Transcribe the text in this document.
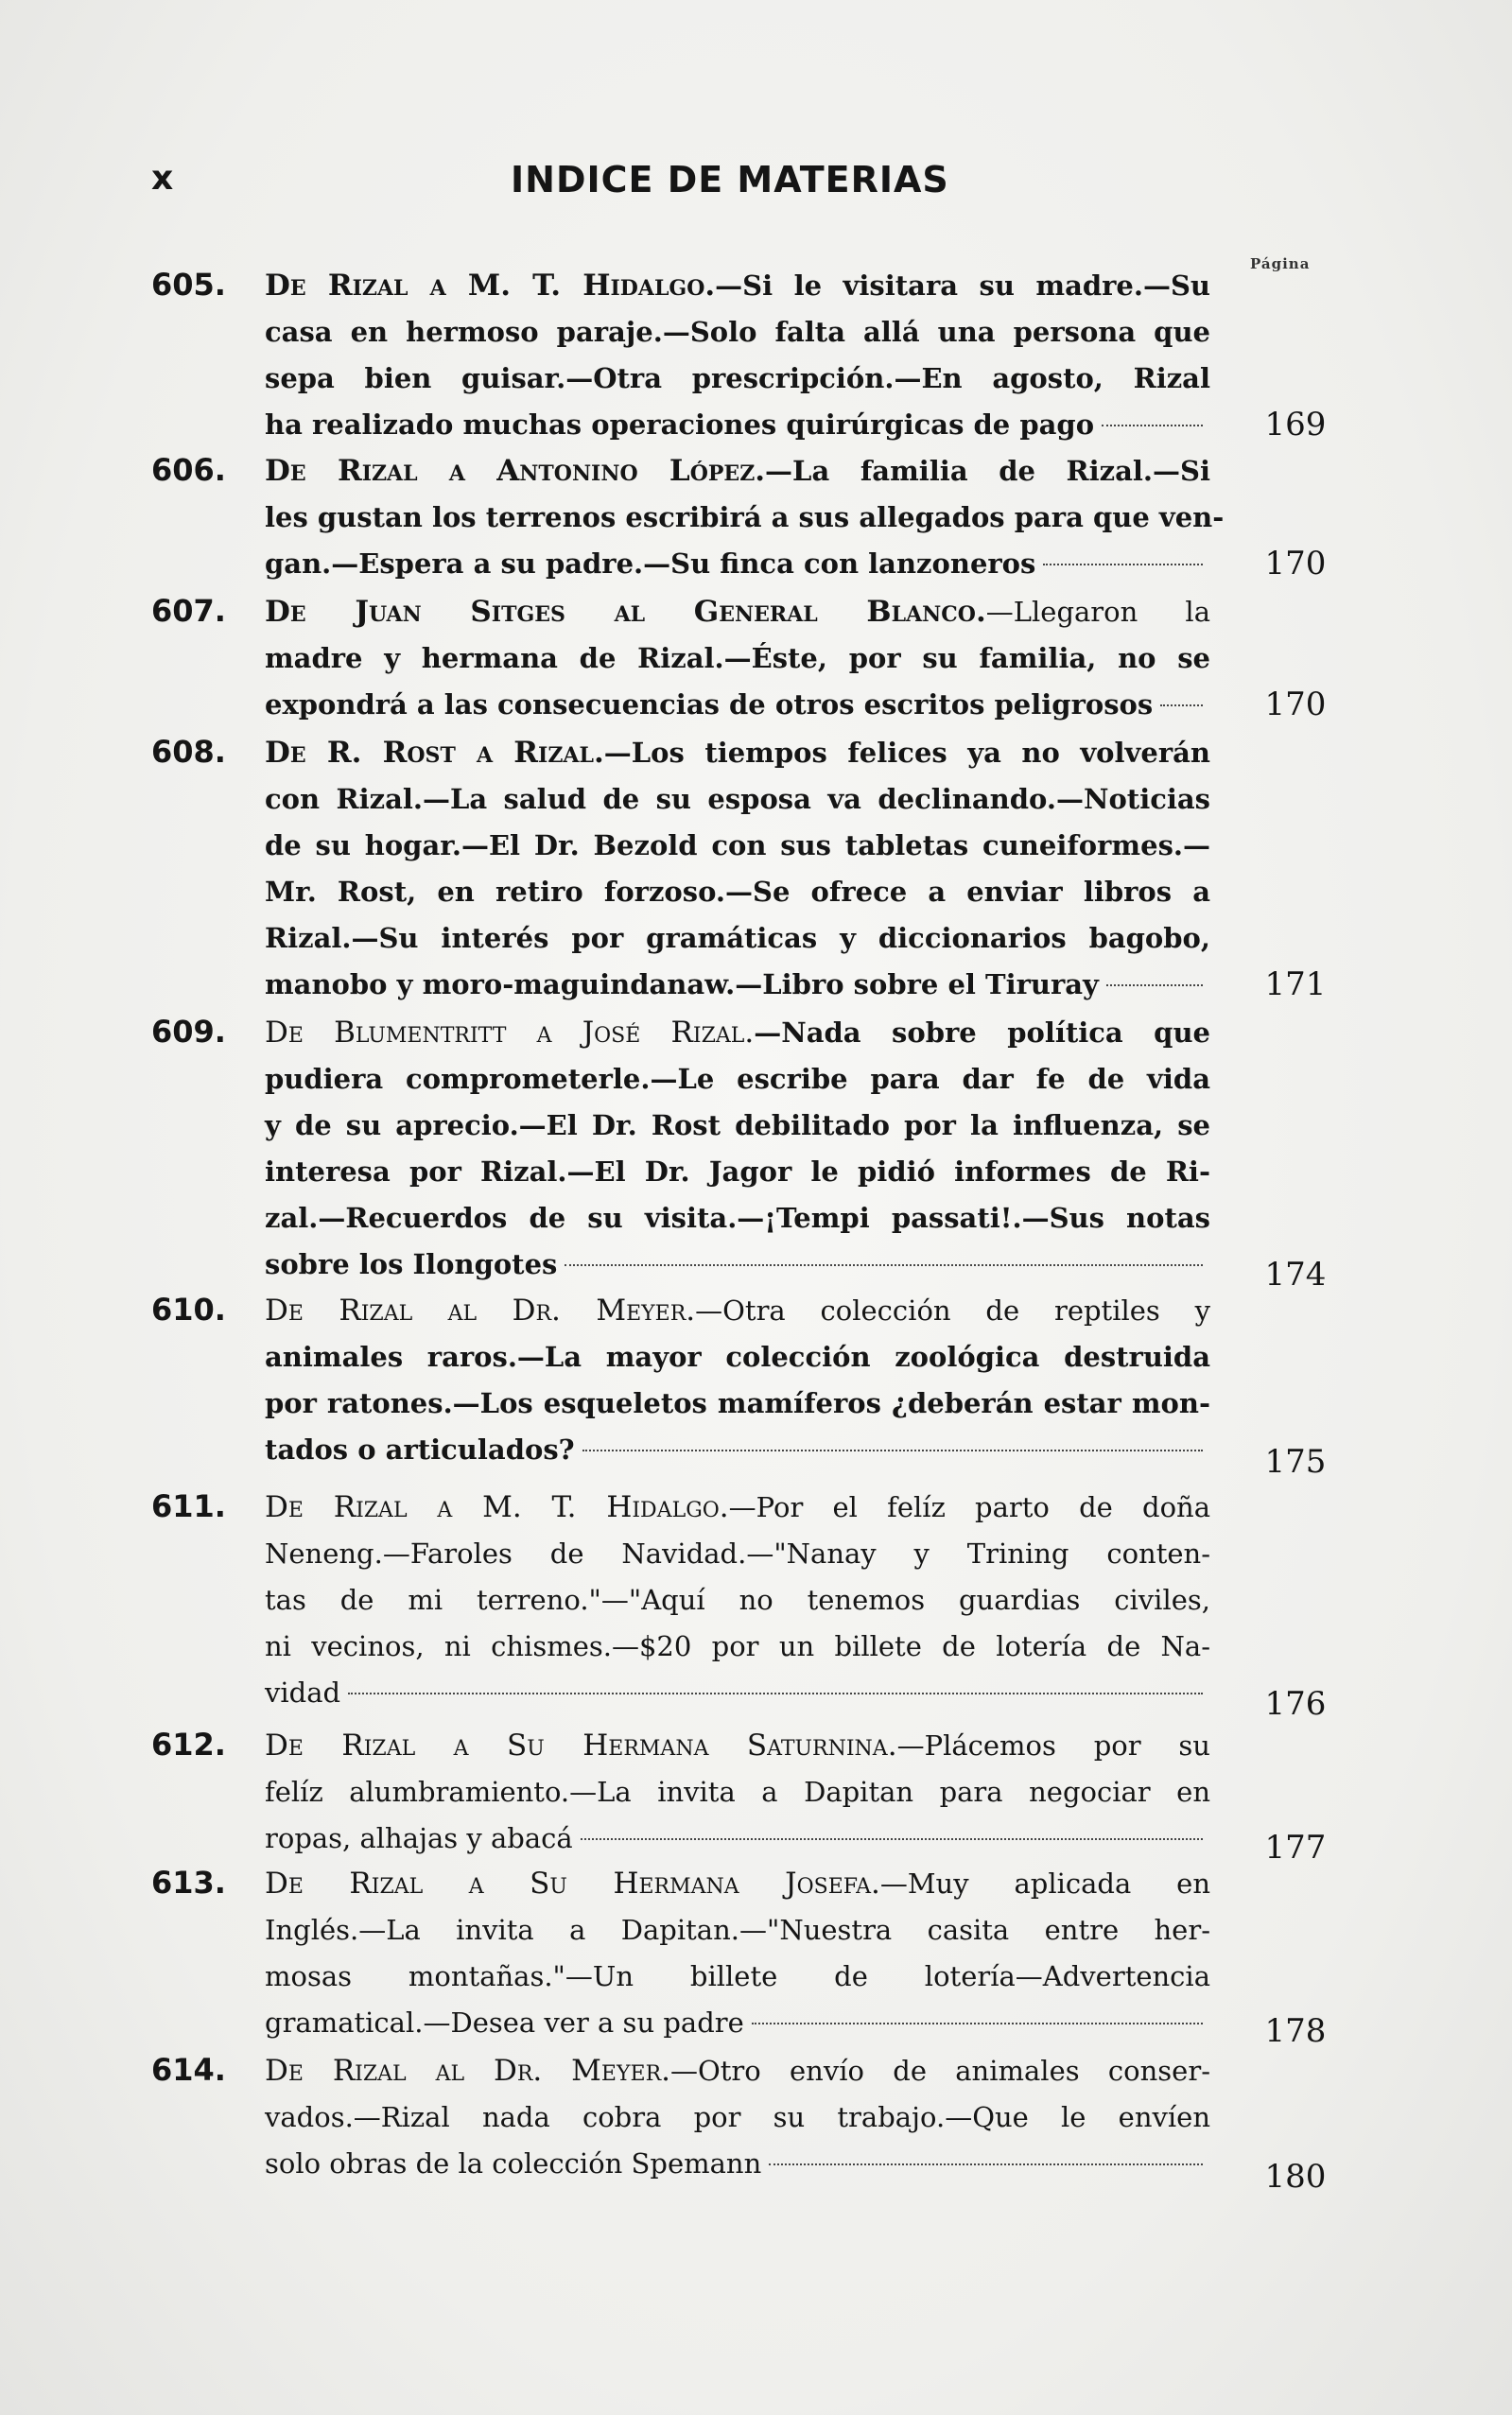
x	INDICE DE MATERIAS
Página
605. De Rizal a M. T. Hidalgo.—Si le visitara su madre.—Su
casa en hermoso paraje.—Solo falta allá una persona que
sepa bien guisar.—Otra prescripción.—En agosto, Rizal
ha realizado muchas operaciones quirúrgicas de pago	169
606. De Rizal a Antonino López.—La familia de Rizal.—Si
les gustan los terrenos escribirá a sus allegados para que ven-
gan.—Espera a su padre.—Su finca con lanzoneros	170
607. De Juan Sitges al General Blanco.—Llegaron la
madre y hermana de Rizal.—Éste, por su familia, no se
expondrá a las consecuencias de otros escritos peligrosos	170
608. De R. Rost a Rizal.—Los tiempos felices ya no volverán
con Rizal.—La salud de su esposa va declinando.—Noticias
de su hogar.—El Dr. Bezold con sus tabletas cuneiformes.—
Mr. Rost, en retiro forzoso.—Se ofrece a enviar libros a
Rizal.—Su interés por gramáticas y diccionarios bagobo,
manobo y moro-maguindanaw.—Libro sobre el Tiruray	171
609. De Blumentritt a José Rizal.—Nada sobre política que
pudiera comprometerle.—Le escribe para dar fe de vida
y de su aprecio.—El Dr. Rost debilitado por la influenza, se
interesa por Rizal.—El Dr. Jagor le pidió informes de Ri-
zal.—Recuerdos de su visita.—¡Tempi passati!.—Sus notas
sobre los Ilongotes	174
610. De Rizal al Dr. Meyer.—Otra colección de reptiles y
animales raros.—La mayor colección zoológica destruida
por ratones.—Los esqueletos mamíferos ¿deberán estar mon-
tados o articulados?	175
611. De Rizal a M. T. Hidalgo.—Por el felíz parto de doña
Neneng.—Faroles de Navidad.—"Nanay y Trining conten-
tas de mi terreno."—"Aquí no tenemos guardias civiles,
ni vecinos, ni chismes.—$20 por un billete de lotería de Na-
vidad	176
612. De Rizal a Su Hermana Saturnina.—Plácemos por su
felíz alumbramiento.—La invita a Dapitan para negociar en
ropas, alhajas y abacá	177
613. De Rizal a Su Hermana Josefa.—Muy aplicada en
Inglés.—La invita a Dapitan.—"Nuestra casita entre her-
mosas montañas."—Un billete de lotería—Advertencia
gramatical.—Desea ver a su padre	178
614. De Rizal al Dr. Meyer.—Otro envío de animales conser-
vados.—Rizal nada cobra por su trabajo.—Que le envíen
solo obras de la colección Spemann	180
